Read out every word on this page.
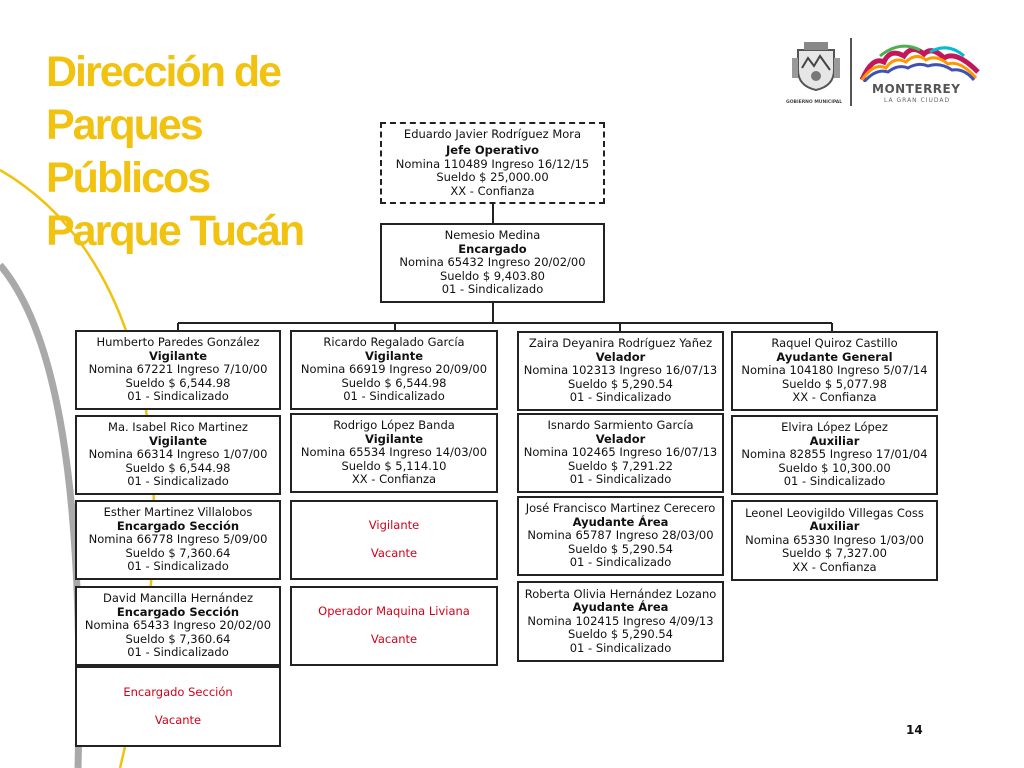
Dirección de
Parques
Públicos
Parque Tucán
GOBIERNO MUNICIPAL
MONTERREY
LA GRAN CIUDAD
Eduardo Javier Rodríguez Mora
Jefe Operativo
Nomina 110489 Ingreso 16/12/15
Sueldo $ 25,000.00
XX - Confianza
Nemesio Medina
Encargado
Nomina 65432 Ingreso 20/02/00
Sueldo $ 9,403.80
01 - Sindicalizado
Humberto Paredes González
Vigilante
Nomina 67221 Ingreso 7/10/00
Sueldo $ 6,544.98
01 - Sindicalizado
Ma. Isabel Rico Martinez
Vigilante
Nomina 66314 Ingreso 1/07/00
Sueldo $ 6,544.98
01 - Sindicalizado
Esther Martinez Villalobos
Encargado Sección
Nomina 66778 Ingreso 5/09/00
Sueldo $ 7,360.64
01 - Sindicalizado
David Mancilla Hernández
Encargado Sección
Nomina 65433 Ingreso 20/02/00
Sueldo $ 7,360.64
01 - Sindicalizado
Encargado Sección
Vacante
Ricardo Regalado García
Vigilante
Nomina 66919 Ingreso 20/09/00
Sueldo $ 6,544.98
01 - Sindicalizado
Rodrigo López Banda
Vigilante
Nomina 65534 Ingreso 14/03/00
Sueldo $ 5,114.10
XX - Confianza
Vigilante
Vacante
Operador Maquina Liviana
Vacante
Zaira Deyanira Rodríguez Yañez
Velador
Nomina 102313 Ingreso 16/07/13
Sueldo $ 5,290.54
01 - Sindicalizado
Isnardo Sarmiento García
Velador
Nomina 102465 Ingreso 16/07/13
Sueldo $ 7,291.22
01 - Sindicalizado
José Francisco Martinez Cerecero
Ayudante Área
Nomina 65787 Ingreso 28/03/00
Sueldo $ 5,290.54
01 - Sindicalizado
Roberta Olivia Hernández Lozano
Ayudante Área
Nomina 102415 Ingreso 4/09/13
Sueldo $ 5,290.54
01 - Sindicalizado
Raquel Quiroz Castillo
Ayudante General
Nomina 104180 Ingreso 5/07/14
Sueldo $ 5,077.98
XX - Confianza
Elvira López López
Auxiliar
Nomina 82855 Ingreso 17/01/04
Sueldo $ 10,300.00
01 - Sindicalizado
Leonel Leovigildo Villegas Coss
Auxiliar
Nomina 65330 Ingreso 1/03/00
Sueldo $ 7,327.00
XX - Confianza
14
